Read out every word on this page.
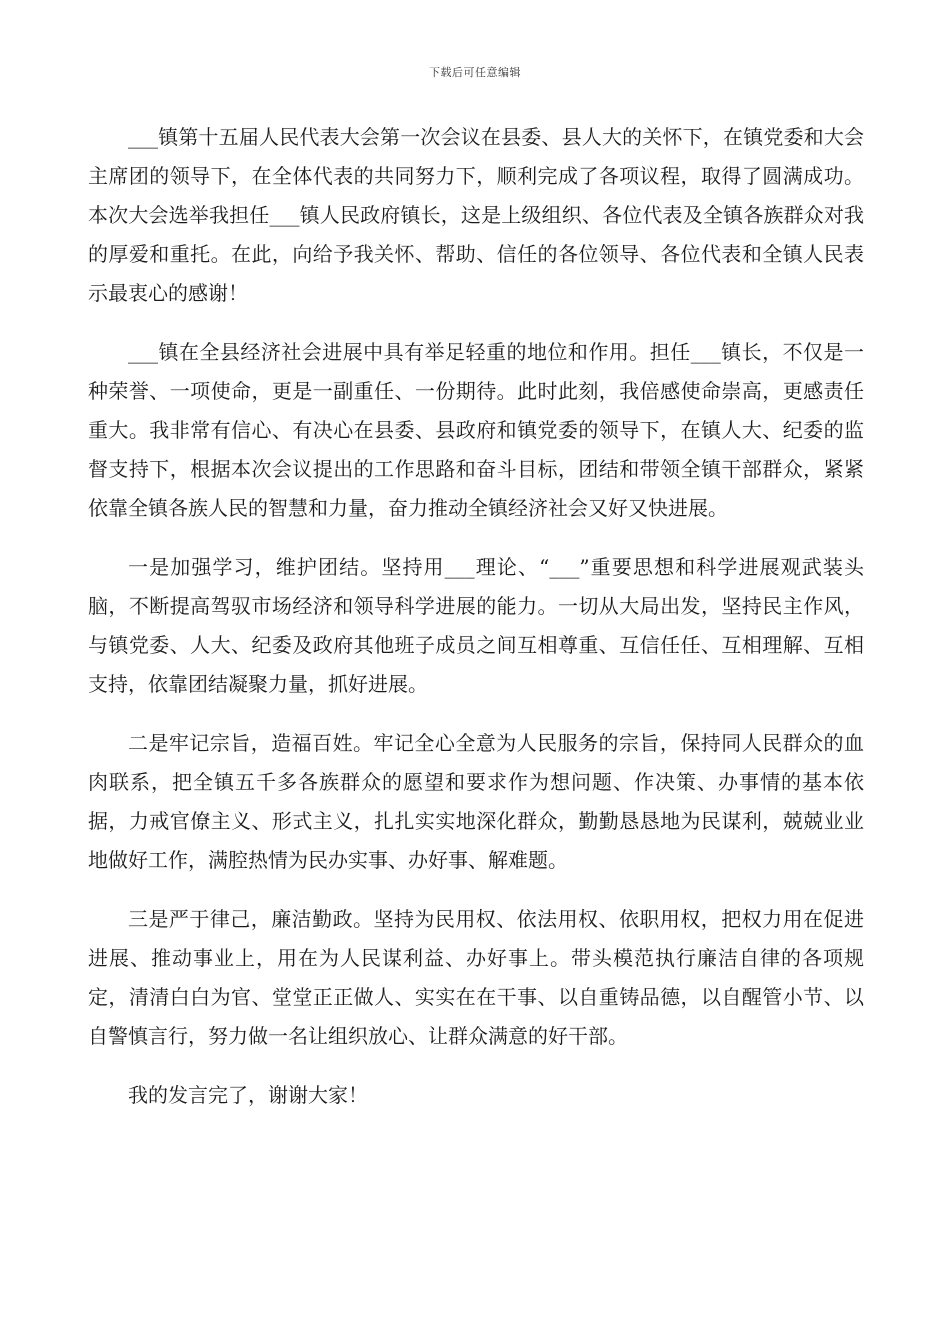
下载后可任意编辑

___镇第十五届人民代表大会第一次会议在县委、县人大的关怀下，在镇党委和大会主席团的领导下，在全体代表的共同努力下，顺利完成了各项议程，取得了圆满成功。本次大会选举我担任___镇人民政府镇长，这是上级组织、各位代表及全镇各族群众对我的厚爱和重托。在此，向给予我关怀、帮助、信任的各位领导、各位代表和全镇人民表示最衷心的感谢！

___镇在全县经济社会进展中具有举足轻重的地位和作用。担任___镇长，不仅是一种荣誉、一项使命，更是一副重任、一份期待。此时此刻，我倍感使命崇高，更感责任重大。我非常有信心、有决心在县委、县政府和镇党委的领导下，在镇人大、纪委的监督支持下，根据本次会议提出的工作思路和奋斗目标，团结和带领全镇干部群众，紧紧依靠全镇各族人民的智慧和力量，奋力推动全镇经济社会又好又快进展。

一是加强学习，维护团结。坚持用___理论、“___”重要思想和科学进展观武装头脑，不断提高驾驭市场经济和领导科学进展的能力。一切从大局出发，坚持民主作风，与镇党委、人大、纪委及政府其他班子成员之间互相尊重、互信任任、互相理解、互相支持，依靠团结凝聚力量，抓好进展。

二是牢记宗旨，造福百姓。牢记全心全意为人民服务的宗旨，保持同人民群众的血肉联系，把全镇五千多各族群众的愿望和要求作为想问题、作决策、办事情的基本依据，力戒官僚主义、形式主义，扎扎实实地深化群众，勤勤恳恳地为民谋利，兢兢业业地做好工作，满腔热情为民办实事、办好事、解难题。

三是严于律己，廉洁勤政。坚持为民用权、依法用权、依职用权，把权力用在促进进展、推动事业上，用在为人民谋利益、办好事上。带头模范执行廉洁自律的各项规定，清清白白为官、堂堂正正做人、实实在在干事、以自重铸品德，以自醒管小节、以自警慎言行，努力做一名让组织放心、让群众满意的好干部。

我的发言完了，谢谢大家！
